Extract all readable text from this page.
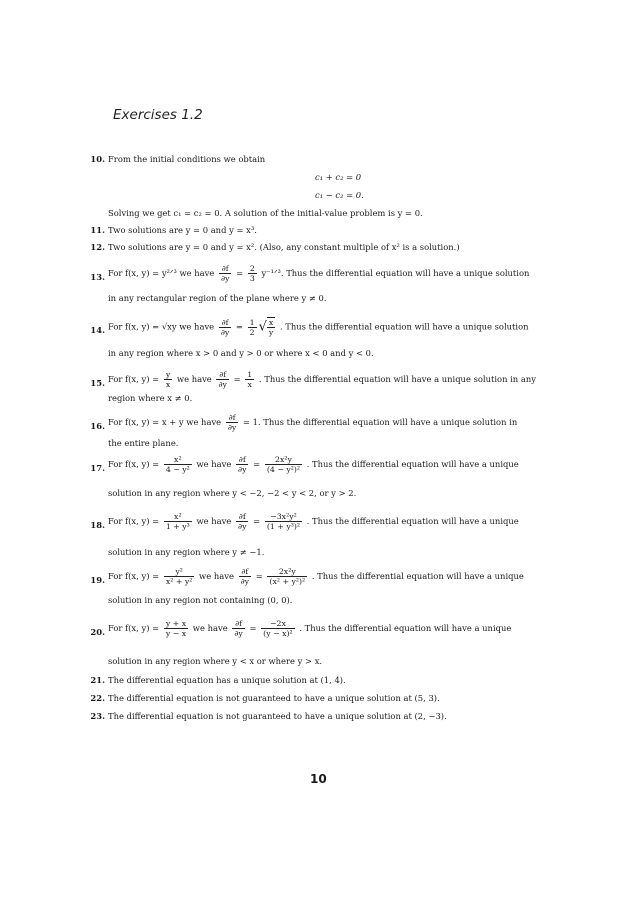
Exercises 1.2
10. From the initial conditions we obtain
c₁ + c₂ = 0
c₁ − c₂ = 0.
Solving we get c₁ = c₂ = 0. A solution of the initial-value problem is y = 0.
11. Two solutions are y = 0 and y = x³.
12. Two solutions are y = 0 and y = x². (Also, any constant multiple of x² is a solution.)
13. For f(x, y) = y²ᐟ³ we have $\frac{\partial f}{\partial y} = \frac{2}{3}$ y⁻¹ᐟ³. Thus the differential equation will have a unique solution
in any rectangular region of the plane where y ≠ 0.
14. For f(x, y) = √xy we have $\frac{\partial f}{\partial y} = \frac{1}{2}$ √ $\frac{x}{y}$ . Thus the differential equation will have a unique solution
in any region where x > 0 and y > 0 or where x < 0 and y < 0.
15. For f(x, $y) = \frac{y}{x}$ we have $\frac{\partial f}{\partial y} = \frac{1}{x}$ . Thus the differential equation will have a unique solution in any
region where x ≠ 0.
16. For f(x, y) = x + y we have $\frac{\partial f}{\partial y} = 1$. Thus the differential equation will have a unique solution in
the entire plane.
17. For f(x, $y) = \frac{\text{x²}}{\text{4 − y²}}$ we have $\frac{\partial f}{\partial y} = \frac{\text{2x²y}}{\text{(4 − y²)²}}$ . Thus the differential equation will have a unique
solution in any region where y < −2, −2 < y < 2, or y > 2.
18. For f(x, $y) = \frac{\text{x²}}{\text{1 + y³}}$ we have $\frac{\partial f}{\partial y} = \frac{\text{−3x²y²}}{\text{(1 + y³)²}}$ . Thus the differential equation will have a unique
solution in any region where y ≠ −1.
19. For f(x, $y) = \frac{\text{y²}}{\text{x² + y²}}$ we have $\frac{\partial f}{\partial y} = \frac{\text{2x²y}}{\text{(x² + y²)²}}$ . Thus the differential equation will have a unique
solution in any region not containing (0, 0).
20. For f(x, $y) = \frac{y + x}{y - x}$ we have $\frac{\partial f}{\partial y} = \frac{-2x}{\text{(y − x)²}}$ . Thus the differential equation will have a unique
solution in any region where y < x or where y > x.
21. The differential equation has a unique solution at (1, 4).
22. The differential equation is not guaranteed to have a unique solution at (5, 3).
23. The differential equation is not guaranteed to have a unique solution at (2, −3).
10
